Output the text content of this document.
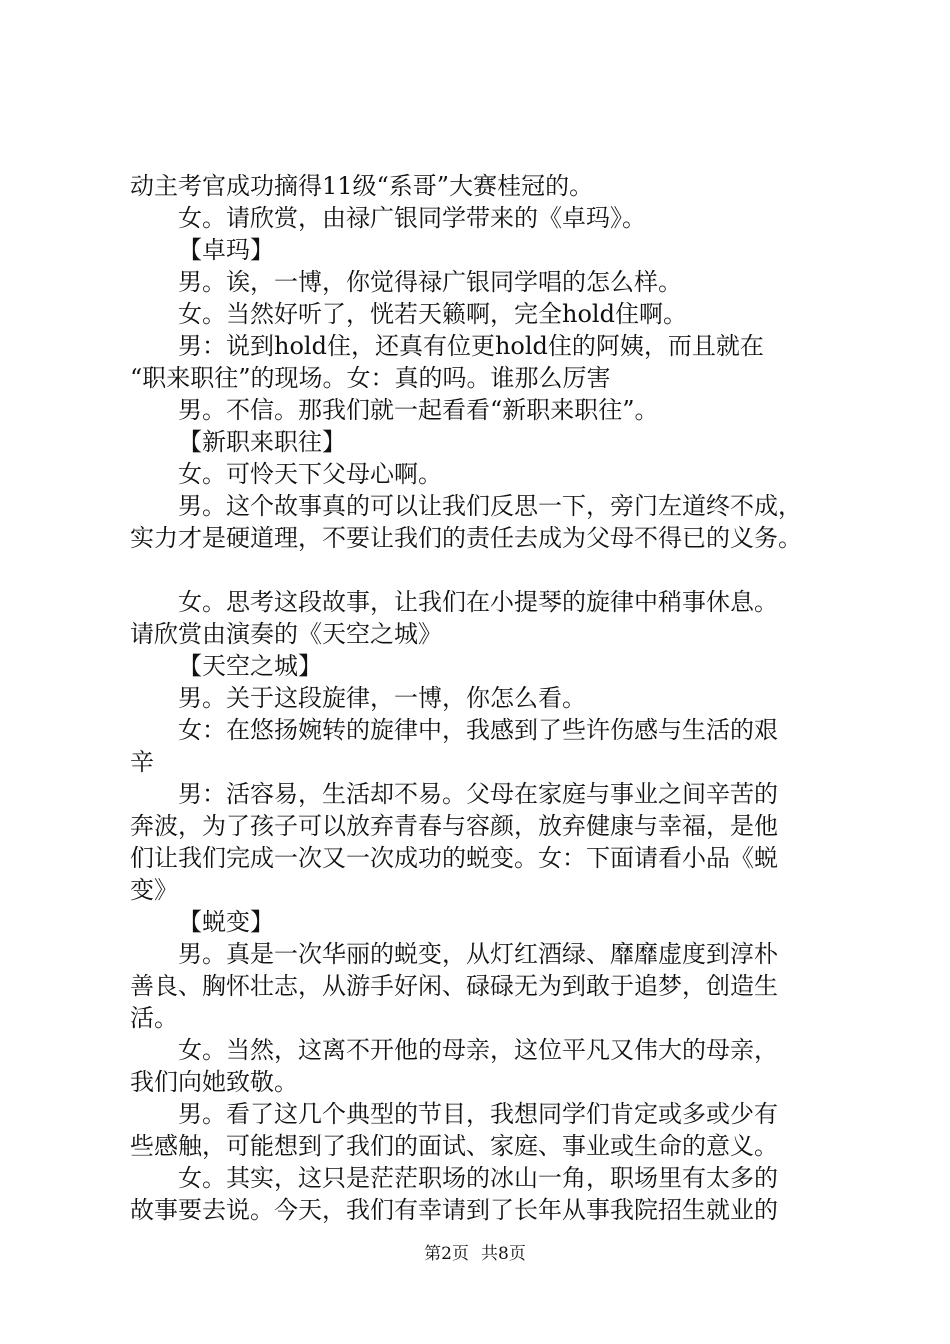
动主考官成功摘得11级“系哥”大赛桂冠的。
女。请欣赏，由禄广银同学带来的《卓玛》。
【卓玛】
男。诶，一博，你觉得禄广银同学唱的怎么样。
女。当然好听了，恍若天籁啊，完全hold住啊。
男：说到hold住，还真有位更hold住的阿姨，而且就在
“职来职往”的现场。女：真的吗。谁那么厉害
男。不信。那我们就一起看看“新职来职往”。
【新职来职往】
女。可怜天下父母心啊。
男。这个故事真的可以让我们反思一下，旁门左道终不成，
实力才是硬道理，不要让我们的责任去成为父母不得已的义务。
女。思考这段故事，让我们在小提琴的旋律中稍事休息。
请欣赏由演奏的《天空之城》
【天空之城】
男。关于这段旋律，一博，你怎么看。
女：在悠扬婉转的旋律中，我感到了些许伤感与生活的艰
辛
男：活容易，生活却不易。父母在家庭与事业之间辛苦的
奔波，为了孩子可以放弃青春与容颜，放弃健康与幸福，是他
们让我们完成一次又一次成功的蜕变。女：下面请看小品《蜕
变》
【蜕变】
男。真是一次华丽的蜕变，从灯红酒绿、靡靡虚度到淳朴
善良、胸怀壮志，从游手好闲、碌碌无为到敢于追梦，创造生
活。
女。当然，这离不开他的母亲，这位平凡又伟大的母亲，
我们向她致敬。
男。看了这几个典型的节目，我想同学们肯定或多或少有
些感触，可能想到了我们的面试、家庭、事业或生命的意义。
女。其实，这只是茫茫职场的冰山一角，职场里有太多的
故事要去说。今天，我们有幸请到了长年从事我院招生就业的
第2页 共8页
